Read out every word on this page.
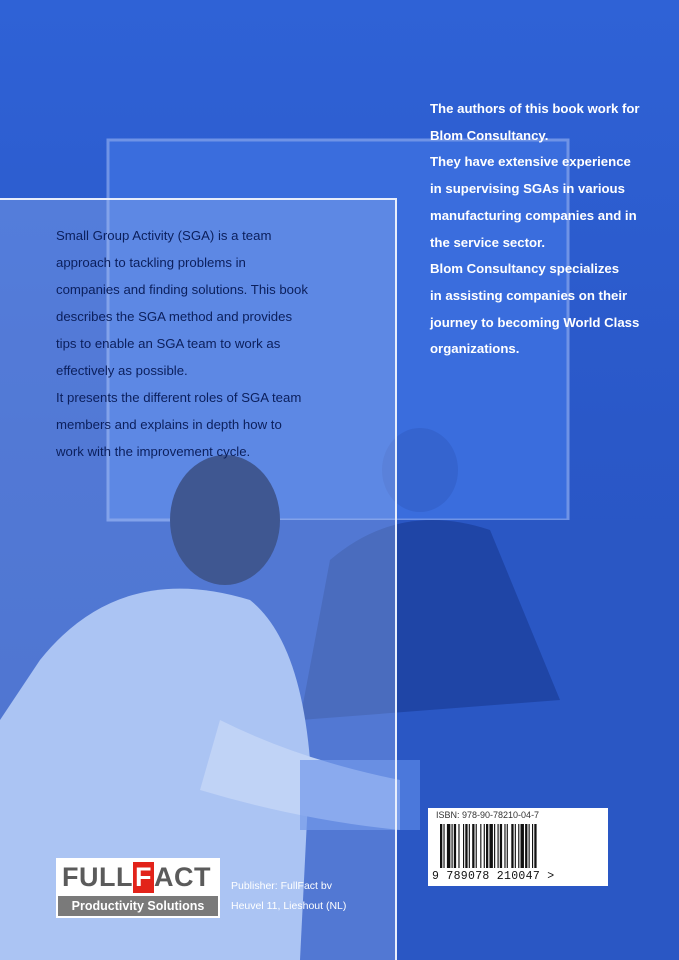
Small Group Activity (SGA) is a team

approach to tackling problems in

companies and finding solutions. This book

describes the SGA method and provides

tips to enable an SGA team to work as

effectively as possible.

It presents the different roles of SGA team

members and explains in depth how to

work with the improvement cycle.

The authors of this book work for

Blom Consultancy.

They have extensive experience

in supervising SGAs in various

manufacturing companies and in

the service sector.

Blom Consultancy specializes

in assisting companies on their

journey to becoming World Class

organizations.

ISBN: 978-90-78210-04-7
9 789078 210047 >
FULLFACT
Productivity Solutions
Publisher: FullFact bv
Heuvel 11, Lieshout (NL)
